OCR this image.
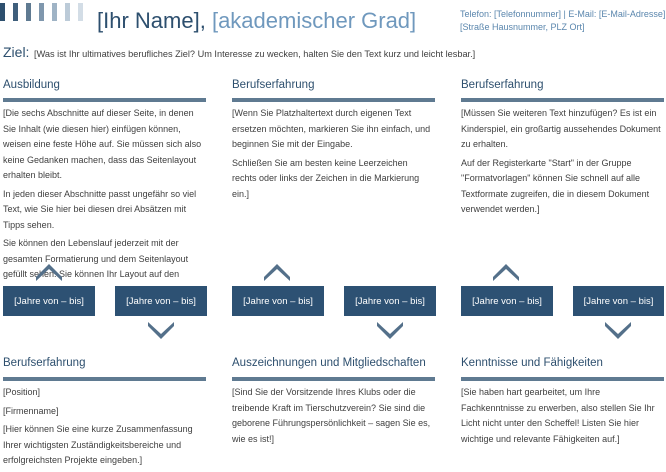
[Ihr Name], [akademischer Grad]	Telefon: [Telefonnummer] | E-Mail: [E-Mail-Adresse]
[Straße Hausnummer, PLZ Ort]
Ziel: [Was ist Ihr ultimatives berufliches Ziel? Um Interesse zu wecken, halten Sie den Text kurz und leicht lesbar.]
Ausbildung

[Die sechs Abschnitte auf dieser Seite, in denen Sie Inhalt (wie diesen hier) einfügen können, weisen eine feste Höhe auf. Sie müssen sich also keine Gedanken machen, dass das Seitenlayout erhalten bleibt.

In jeden dieser Abschnitte passt ungefähr so viel Text, wie Sie hier bei diesen drei Absätzen mit Tipps sehen.

Sie können den Lebenslauf jederzeit mit der gesamten Formatierung und dem Seitenlayout gefüllt sehen. Sie können Ihr Layout auf den

Berufserfahrung

[Wenn Sie Platzhaltertext durch eigenen Text ersetzen möchten, markieren Sie ihn einfach, und beginnen Sie mit der Eingabe.

Schließen Sie am besten keine Leerzeichen rechts oder links der Zeichen in die Markierung ein.]

Berufserfahrung

[Müssen Sie weiteren Text hinzufügen? Es ist ein Kinderspiel, ein großartig aussehendes Dokument zu erhalten.

Auf der Registerkarte "Start" in der Gruppe "Formatvorlagen" können Sie schnell auf alle Textformate zugreifen, die in diesem Dokument verwendet werden.]

[Jahre von – bis]	[Jahre von – bis]	[Jahre von – bis]	[Jahre von – bis]	[Jahre von – bis]	[Jahre von – bis]
Berufserfahrung

[Position]

[Firmenname]

[Hier können Sie eine kurze Zusammenfassung Ihrer wichtigsten Zuständigkeitsbereiche und erfolgreichsten Projekte eingeben.]

Auszeichnungen und Mitgliedschaften

[Sind Sie der Vorsitzende Ihres Klubs oder die treibende Kraft im Tierschutzverein? Sie sind die geborene Führungspersönlichkeit – sagen Sie es, wie es ist!]

Kenntnisse und Fähigkeiten

[Sie haben hart gearbeitet, um Ihre Fachkenntnisse zu erwerben, also stellen Sie Ihr Licht nicht unter den Scheffel! Listen Sie hier wichtige und relevante Fähigkeiten auf.]
